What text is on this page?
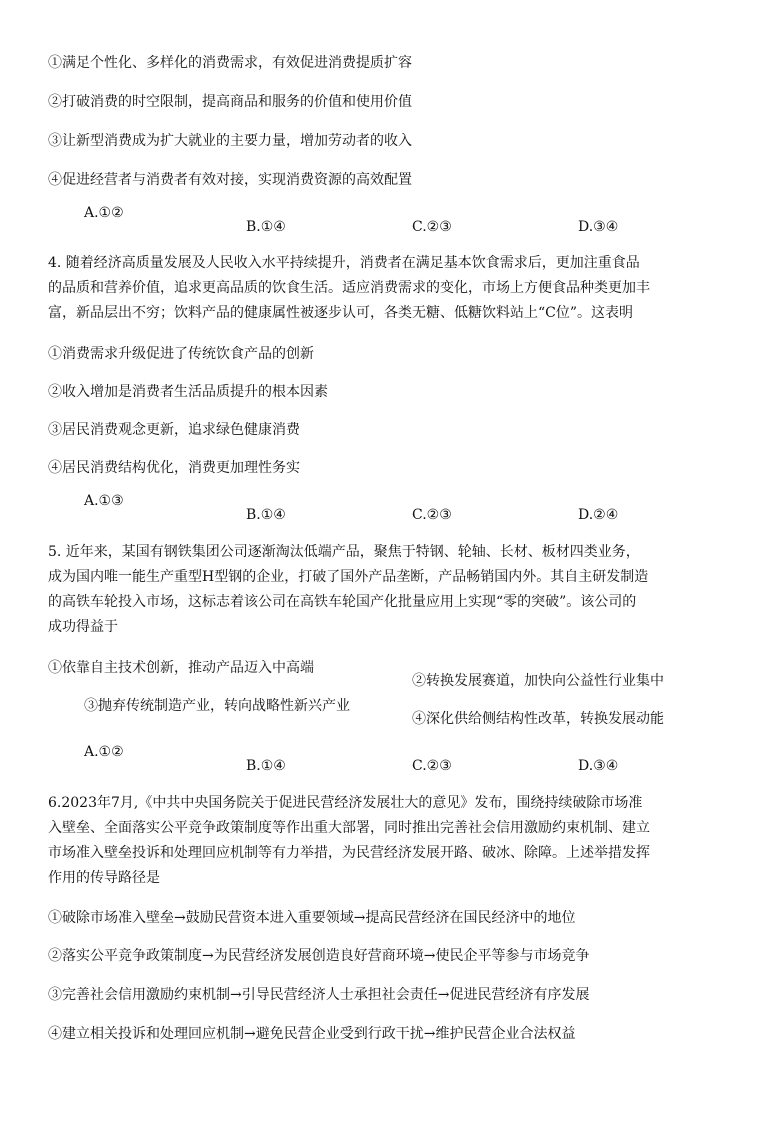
①满足个性化、多样化的消费需求，有效促进消费提质扩容
②打破消费的时空限制，提高商品和服务的价值和使用价值
③让新型消费成为扩大就业的主要力量，增加劳动者的收入
④促进经营者与消费者有效对接，实现消费资源的高效配置
A.①②
B.①④	C.②③	D.③④
4. 随着经济高质量发展及人民收入水平持续提升，消费者在满足基本饮食需求后，更加注重食品
的品质和营养价值，追求更高品质的饮食生活。适应消费需求的变化，市场上方便食品种类更加丰
富，新品层出不穷；饮料产品的健康属性被逐步认可，各类无糖、低糖饮料站上“C位”。这表明
①消费需求升级促进了传统饮食产品的创新
②收入增加是消费者生活品质提升的根本因素
③居民消费观念更新，追求绿色健康消费
④居民消费结构优化，消费更加理性务实
A.①③
B.①④	C.②③	D.②④
5. 近年来，某国有钢铁集团公司逐渐淘汰低端产品，聚焦于特钢、轮轴、长材、板材四类业务，
成为国内唯一能生产重型H型钢的企业，打破了国外产品垄断，产品畅销国内外。其自主研发制造
的高铁车轮投入市场，这标志着该公司在高铁车轮国产化批量应用上实现“零的突破”。该公司的
成功得益于
①依靠自主技术创新，推动产品迈入中高端
②转换发展赛道，加快向公益性行业集中
③抛弃传统制造产业，转向战略性新兴产业
④深化供给侧结构性改革，转换发展动能
A.①②
B.①④	C.②③	D.③④
6.2023年7月,《中共中央国务院关于促进民营经济发展壮大的意见》发布，围绕持续破除市场准
入壁垒、全面落实公平竞争政策制度等作出重大部署，同时推出完善社会信用激励约束机制、建立
市场准入壁垒投诉和处理回应机制等有力举措，为民营经济发展开路、破冰、除障。上述举措发挥
作用的传导路径是
①破除市场准入壁垒→鼓励民营资本进入重要领域→提高民营经济在国民经济中的地位
②落实公平竞争政策制度→为民营经济发展创造良好营商环境→使民企平等参与市场竞争
③完善社会信用激励约束机制→引导民营经济人士承担社会责任→促进民营经济有序发展
④建立相关投诉和处理回应机制→避免民营企业受到行政干扰→维护民营企业合法权益
